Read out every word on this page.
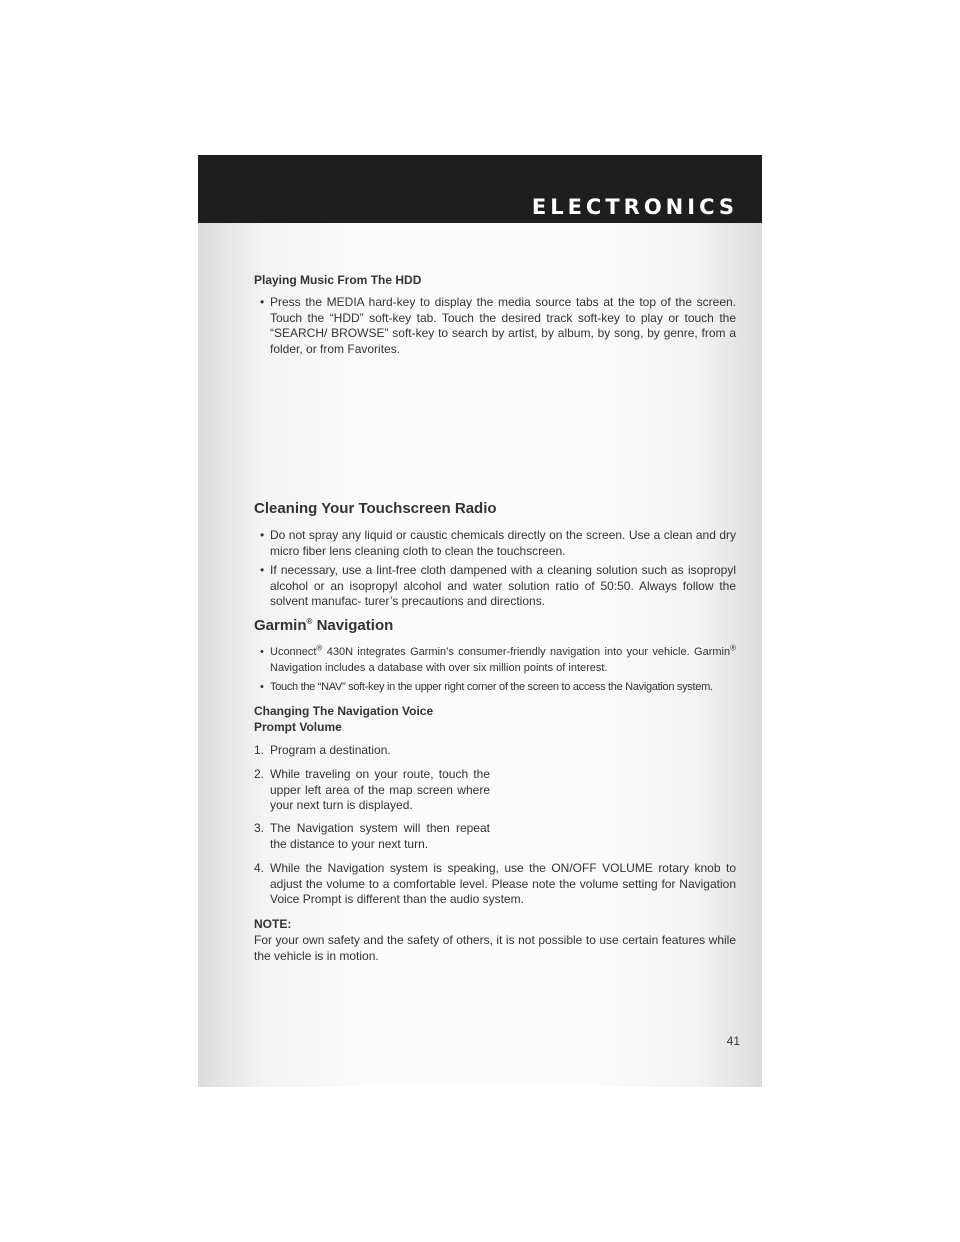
ELECTRONICS
Playing Music From The HDD
• Press the MEDIA hard-key to display the media source tabs at the top of the screen. Touch the “HDD” soft-key tab. Touch the desired track soft-key to play or touch the “SEARCH/ BROWSE” soft-key to search by artist, by album, by song, by genre, from a folder, or from Favorites.
Cleaning Your Touchscreen Radio
• Do not spray any liquid or caustic chemicals directly on the screen. Use a clean and dry micro fiber lens cleaning cloth to clean the touchscreen.
• If necessary, use a lint-free cloth dampened with a cleaning solution such as isopropyl alcohol or an isopropyl alcohol and water solution ratio of 50:50. Always follow the solvent manufac- turer’s precautions and directions.
Garmin® Navigation
• Uconnect® 430N integrates Garmin’s consumer-friendly navigation into your vehicle. Garmin® Navigation includes a database with over six million points of interest.
• Touch the “NAV” soft-key in the upper right corner of the screen to access the Navigation system.
Changing The Navigation Voice
Prompt Volume
1. Program a destination.
2. While traveling on your route, touch the upper left area of the map screen where your next turn is displayed.
3. The Navigation system will then repeat the distance to your next turn.
4. While the Navigation system is speaking, use the ON/OFF VOLUME rotary knob to adjust the volume to a comfortable level. Please note the volume setting for Navigation Voice Prompt is different than the audio system.
NOTE:
For your own safety and the safety of others, it is not possible to use certain features while the vehicle is in motion.
41
